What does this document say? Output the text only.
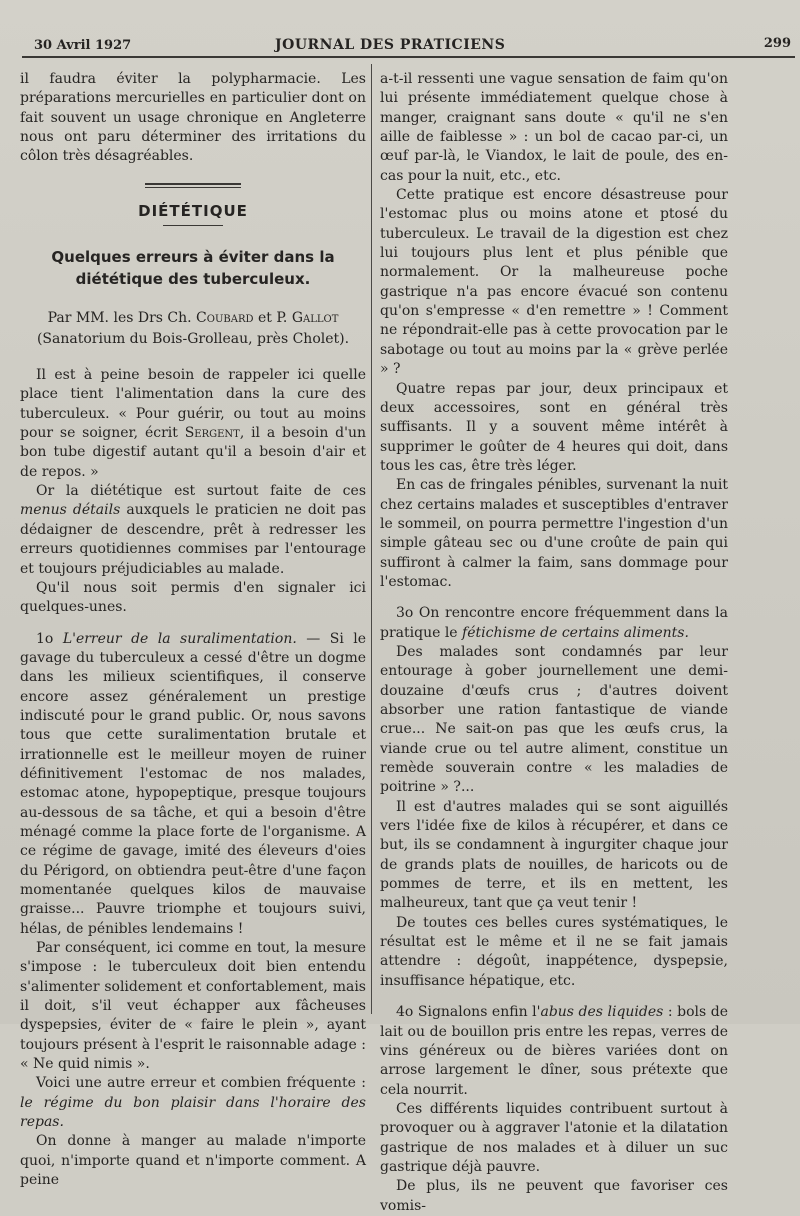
30 Avril 1927	JOURNAL DES PRATICIENS	299

il faudra éviter la polypharmacie. Les préparations mercurielles en particulier dont on fait souvent un usage chronique en Angleterre nous ont paru déterminer des irritations du côlon très désagréables.

DIÉTÉTIQUE
Quelques erreurs à éviter dans la diététique des tuberculeux.
Par MM. les Drs Ch. Coubard et P. Gallot
(Sanatorium du Bois-Grolleau, près Cholet).

Il est à peine besoin de rappeler ici quelle place tient l'alimentation dans la cure des tuberculeux. « Pour guérir, ou tout au moins pour se soigner, écrit Sergent, il a besoin d'un bon tube digestif autant qu'il a besoin d'air et de repos. »

Or la diététique est surtout faite de ces menus détails auxquels le praticien ne doit pas dédaigner de descendre, prêt à redresser les erreurs quotidiennes commises par l'entourage et toujours préjudiciables au malade.

Qu'il nous soit permis d'en signaler ici quelques-unes.

1o L'erreur de la suralimentation. — Si le gavage du tuberculeux a cessé d'être un dogme dans les milieux scientifiques, il conserve encore assez généralement un prestige indiscuté pour le grand public. Or, nous savons tous que cette suralimentation brutale et irrationnelle est le meilleur moyen de ruiner définitivement l'estomac de nos malades, estomac atone, hypopeptique, presque toujours au-dessous de sa tâche, et qui a besoin d'être ménagé comme la place forte de l'organisme. A ce régime de gavage, imité des éleveurs d'oies du Périgord, on obtiendra peut-être d'une façon momentanée quelques kilos de mauvaise graisse... Pauvre triomphe et toujours suivi, hélas, de pénibles lendemains !

Par conséquent, ici comme en tout, la mesure s'impose : le tuberculeux doit bien entendu s'alimenter solidement et confortablement, mais il doit, s'il veut échapper aux fâcheuses dyspepsies, éviter de « faire le plein », ayant toujours présent à l'esprit le raisonnable adage : « Ne quid nimis ».

Voici une autre erreur et combien fréquente : le régime du bon plaisir dans l'horaire des repas.

On donne à manger au malade n'importe quoi, n'importe quand et n'importe comment. A peine

a-t-il ressenti une vague sensation de faim qu'on lui présente immédiatement quelque chose à manger, craignant sans doute « qu'il ne s'en aille de faiblesse » : un bol de cacao par-ci, un œuf par-là, le Viandox, le lait de poule, des en-cas pour la nuit, etc., etc.

Cette pratique est encore désastreuse pour l'estomac plus ou moins atone et ptosé du tuberculeux. Le travail de la digestion est chez lui toujours plus lent et plus pénible que normalement. Or la malheureuse poche gastrique n'a pas encore évacué son contenu qu'on s'empresse « d'en remettre » ! Comment ne répondrait-elle pas à cette provocation par le sabotage ou tout au moins par la « grève perlée » ?

Quatre repas par jour, deux principaux et deux accessoires, sont en général très suffisants. Il y a souvent même intérêt à supprimer le goûter de 4 heures qui doit, dans tous les cas, être très léger.

En cas de fringales pénibles, survenant la nuit chez certains malades et susceptibles d'entraver le sommeil, on pourra permettre l'ingestion d'un simple gâteau sec ou d'une croûte de pain qui suffiront à calmer la faim, sans dommage pour l'estomac.

3o On rencontre encore fréquemment dans la pratique le fétichisme de certains aliments.

Des malades sont condamnés par leur entourage à gober journellement une demi-douzaine d'œufs crus ; d'autres doivent absorber une ration fantastique de viande crue... Ne sait-on pas que les œufs crus, la viande crue ou tel autre aliment, constitue un remède souverain contre « les maladies de poitrine » ?...

Il est d'autres malades qui se sont aiguillés vers l'idée fixe de kilos à récupérer, et dans ce but, ils se condamnent à ingurgiter chaque jour de grands plats de nouilles, de haricots ou de pommes de terre, et ils en mettent, les malheureux, tant que ça veut tenir !

De toutes ces belles cures systématiques, le résultat est le même et il ne se fait jamais attendre : dégoût, inappétence, dyspepsie, insuffisance hépatique, etc.

4o Signalons enfin l'abus des liquides : bols de lait ou de bouillon pris entre les repas, verres de vins généreux ou de bières variées dont on arrose largement le dîner, sous prétexte que cela nourrit.

Ces différents liquides contribuent surtout à provoquer ou à aggraver l'atonie et la dilatation gastrique de nos malades et à diluer un suc gastrique déjà pauvre.

De plus, ils ne peuvent que favoriser ces vomis-
